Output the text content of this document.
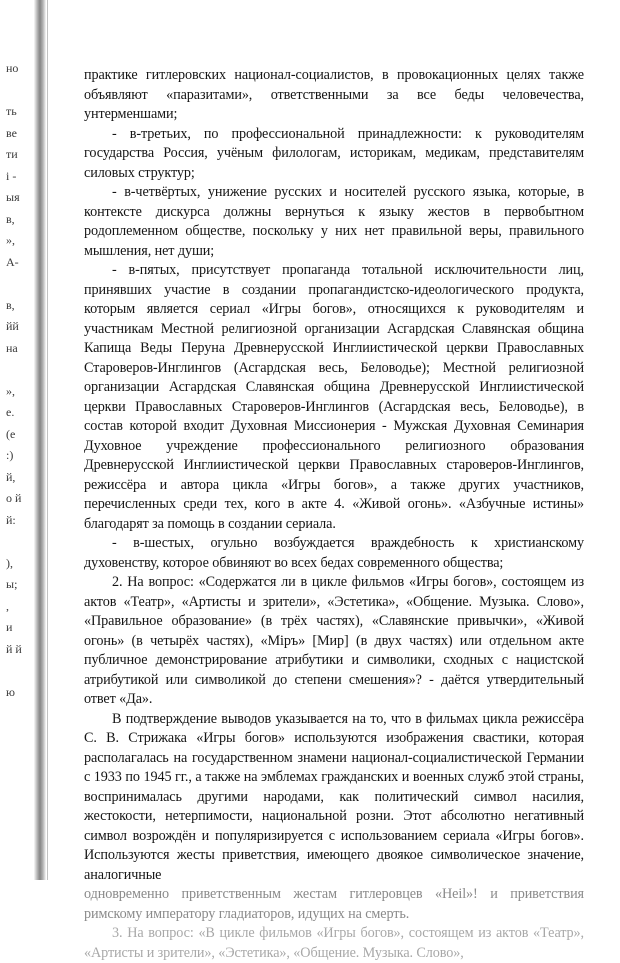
но
ть
ве
ти
і -
ыя
в,
»,
А-
в,
йй
на
»,
е.
(е
:)
й,
о й
й:
),
ы;
,
и
й й
ю

практике гитлеровских национал-социалистов, в провокационных целях также объявляют «паразитами», ответственными за все беды человечества, унтерменшами;

- в-третьих, по профессиональной принадлежности: к руководителям государства Россия, учёным филологам, историкам, медикам, представителям силовых структур;

- в-четвёртых, унижение русских и носителей русского языка, которые, в контексте дискурса должны вернуться к языку жестов в первобытном родоплеменном обществе, поскольку у них нет правильной веры, правильного мышления, нет души;

- в-пятых, присутствует пропаганда тотальной исключительности лиц, принявших участие в создании пропагандистско-идеологического продукта, которым является сериал «Игры богов», относящихся к руководителям и участникам Местной религиозной организации Асгардская Славянская община Капища Веды Перуна Древнерусской Инглиистической церкви Православных Староверов-Инглингов (Асгардская весь, Беловодье); Местной религиозной организации Асгардская Славянская община Древнерусской Инглиистической церкви Православных Староверов-Инглингов (Асгардская весь, Беловодье), в состав которой входит Духовная Миссионерия - Мужская Духовная Семинария Духовное учреждение профессионального религиозного образования Древнерусской Инглиистической церкви Православных староверов-Инглингов, режиссёра и автора цикла «Игры богов», а также других участников, перечисленных среди тех, кого в акте 4. «Живой огонь». «Азбучные истины» благодарят за помощь в создании сериала.

- в-шестых, огульно возбуждается враждебность к христианскому духовенству, которое обвиняют во всех бедах современного общества;

2. На вопрос: «Содержатся ли в цикле фильмов «Игры богов», состоящем из актов «Театр», «Артисты и зрители», «Эстетика», «Общение. Музыка. Слово», «Правильное образование» (в трёх частях), «Славянские привычки», «Живой огонь» (в четырёх частях), «Мiръ» [Мир] (в двух частях) или отдельном акте публичное демонстрирование атрибутики и символики, сходных с нацистской атрибутикой или символикой до степени смешения»? - даётся утвердительный ответ «Да».

В подтверждение выводов указывается на то, что в фильмах цикла режиссёра С. В. Стрижака «Игры богов» используются изображения свастики, которая располагалась на государственном знамени национал-социалистической Германии с 1933 по 1945 гг., а также на эмблемах гражданских и военных служб этой страны, воспринималась другими народами, как политический символ насилия, жестокости, нетерпимости, национальной розни. Этот абсолютно негативный символ возрождён и популяризируется с использованием сериала «Игры богов». Используются жесты приветствия, имеющего двоякое символическое значение, аналогичные

одновременно приветственным жестам гитлеровцев «Heil»! и приветствия римскому императору гладиаторов, идущих на смерть.

3. На вопрос: «В цикле фильмов «Игры богов», состоящем из актов «Театр», «Артисты и зрители», «Эстетика», «Общение. Музыка. Слово»,
